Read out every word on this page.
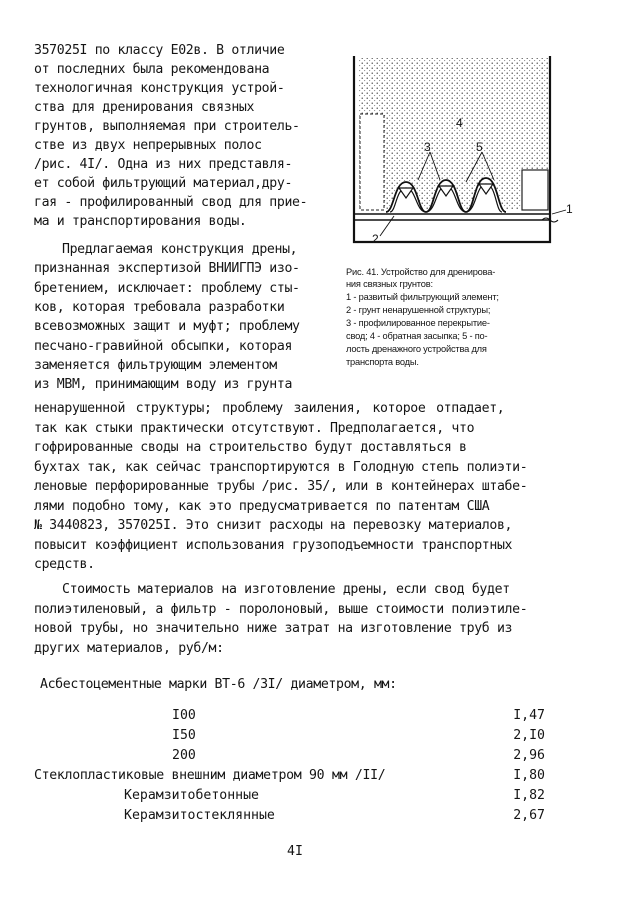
357025I по классу E02в. В отличие
от последних была рекомендована
технологичная конструкция устрой-
ства для дренирования связных
грунтов, выполняемая при строитель-
стве из двух непрерывных полос
/рис. 4I/. Одна из них представля-
ет собой фильтрующий материал,дру-
гая - профилированный свод для прие-
ма и транспортирования воды.
Предлагаемая конструкция дрены,
признанная экспертизой ВНИИГПЭ изо-
бретением, исключает: проблему сты-
ков, которая требовала разработки
всевозможных защит и муфт; проблему
песчано-гравийной обсыпки, которая
заменяется фильтрующим элементом
из МВМ, принимающим воду из грунта
ненарушенной структуры; проблему заиления, которое отпадает,
так как стыки практически отсутствуют. Предполагается, что
гофрированные своды на строительство будут доставляться в
бухтах так, как сейчас транспортируются в Голодную степь полиэти-
леновые перфорированные трубы /рис. 35/, или в контейнерах штабе-
лями подобно тому, как это предусматривается по патентам США
№ 3440823, 357025I. Это снизит расходы на перевозку материалов,
повысит коэффициент использования грузоподъемности транспортных
средств.
Стоимость материалов на изготовление дрены, если свод будет
полиэтиленовый, а фильтр - поролоновый, выше стоимости полиэтиле-
новой трубы, но значительно ниже затрат на изготовление труб из
других материалов, руб/м:
4
3	5
1
2
Рис. 41. Устройство для дренирова-
ния связных грунтов:
1 - развитый фильтрующий элемент;
2 - грунт ненарушенной структуры;
3 - профилированное перекрытие-
свод; 4 - обратная засыпка; 5 - по-
лость дренажного устройства для
транспорта воды.
Асбестоцементные марки ВТ-6 /3I/ диаметром, мм:
I00	I,47
I50	2,I0
200	2,96
Стеклопластиковые внешним диаметром 90 мм /II/	I,80
Керамзитобетонные	I,82
Керамзитостеклянные	2,67
4I
